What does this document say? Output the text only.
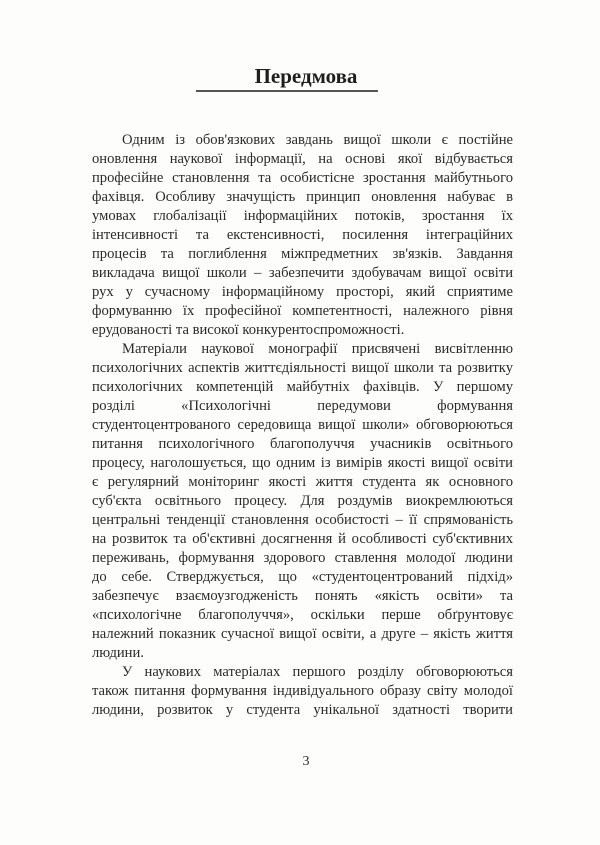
Передмова
Одним із обов'язкових завдань вищої школи є постійне
оновлення наукової інформації, на основі якої відбувається
професійне становлення та особистісне зростання майбутнього
фахівця. Особливу значущість принцип оновлення набуває в
умовах глобалізації інформаційних потоків, зростання їх
інтенсивності та екстенсивності, посилення інтеграційних
процесів та поглиблення міжпредметних зв'язків. Завдання
викладача вищої школи – забезпечити здобувачам вищої освіти
рух у сучасному інформаційному просторі, який сприятиме
формуванню їх професійної компетентності, належного рівня
ерудованості та високої конкурентоспроможності.
Матеріали наукової монографії присвячені висвітленню
психологічних аспектів життєдіяльності вищої школи та розвитку
психологічних компетенцій майбутніх фахівців. У першому
розділі «Психологічні передумови формування
студентоцентрованого середовища вищої школи» обговорюються
питання психологічного благополуччя учасників освітнього
процесу, наголошується, що одним із вимірів якості вищої освіти
є регулярний моніторинг якості життя студента як основного
суб'єкта освітнього процесу. Для роздумів виокремлюються
центральні тенденції становлення особистості – її спрямованість
на розвиток та об'єктивні досягнення й особливості суб'єктивних
переживань, формування здорового ставлення молодої людини
до себе. Стверджується, що «студентоцентрований підхід»
забезпечує взаємоузгодженість понять «якість освіти» та
«психологічне благополуччя», оскільки перше обґрунтовує
належний показник сучасної вищої освіти, а друге – якість життя
людини.
У наукових матеріалах першого розділу обговорюються
також питання формування індивідуального образу світу молодої
людини, розвиток у студента унікальної здатності творити
3
